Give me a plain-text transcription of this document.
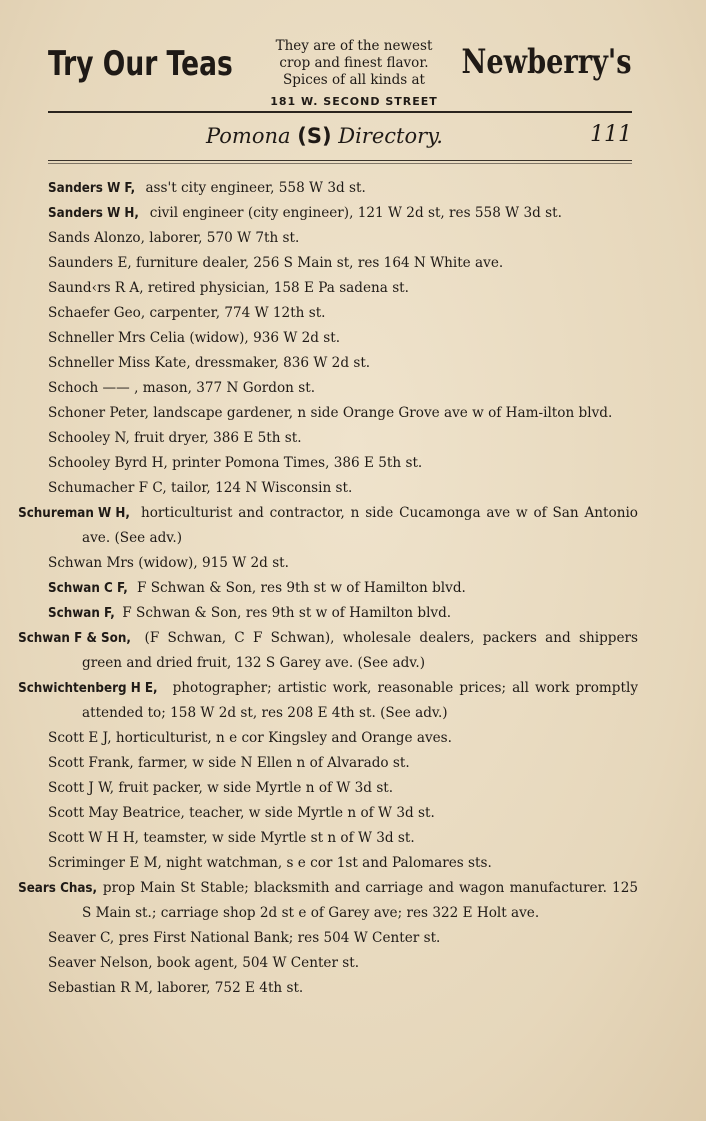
Try Our Teas	They are of the newest
crop and finest flavor.
Spices of all kinds at
181 W. SECOND STREET
Newberry's
Pomona (S) Directory.	111
Sanders W F, ass't city engineer, 558 W 3d st.
Sanders W H, civil engineer (city engineer), 121 W 2d st, res 558 W 3d st.
Sands Alonzo, laborer, 570 W 7th st.
Saunders E, furniture dealer, 256 S Main st, res 164 N White ave.
Saund‹rs R A, retired physician, 158 E Pa sadena st.
Schaefer Geo, carpenter, 774 W 12th st.
Schneller Mrs Celia (widow), 936 W 2d st.
Schneller Miss Kate, dressmaker, 836 W 2d st.
Schoch —— , mason, 377 N Gordon st.
Schoner Peter, landscape gardener, n side Orange Grove ave w of Ham-ilton blvd.
Schooley N, fruit dryer, 386 E 5th st.
Schooley Byrd H, printer Pomona Times, 386 E 5th st.
Schumacher F C, tailor, 124 N Wisconsin st.
Schureman W H, horticulturist and contractor, n side Cucamonga ave w of San Antonio ave. (See adv.)
Schwan Mrs (widow), 915 W 2d st.
Schwan C F, F Schwan & Son, res 9th st w of Hamilton blvd.
Schwan F, F Schwan & Son, res 9th st w of Hamilton blvd.
Schwan F & Son, (F Schwan, C F Schwan), wholesale dealers, packers and shippers green and dried fruit, 132 S Garey ave. (See adv.)
Schwichtenberg H E, photographer; artistic work, reasonable prices; all work promptly attended to; 158 W 2d st, res 208 E 4th st. (See adv.)
Scott E J, horticulturist, n e cor Kingsley and Orange aves.
Scott Frank, farmer, w side N Ellen n of Alvarado st.
Scott J W, fruit packer, w side Myrtle n of W 3d st.
Scott May Beatrice, teacher, w side Myrtle n of W 3d st.
Scott W H H, teamster, w side Myrtle st n of W 3d st.
Scriminger E M, night watchman, s e cor 1st and Palomares sts.
Sears Chas, prop Main St Stable; blacksmith and carriage and wagon manufacturer. 125 S Main st.; carriage shop 2d st e of Garey ave; res 322 E Holt ave.
Seaver C, pres First National Bank; res 504 W Center st.
Seaver Nelson, book agent, 504 W Center st.
Sebastian R M, laborer, 752 E 4th st.
